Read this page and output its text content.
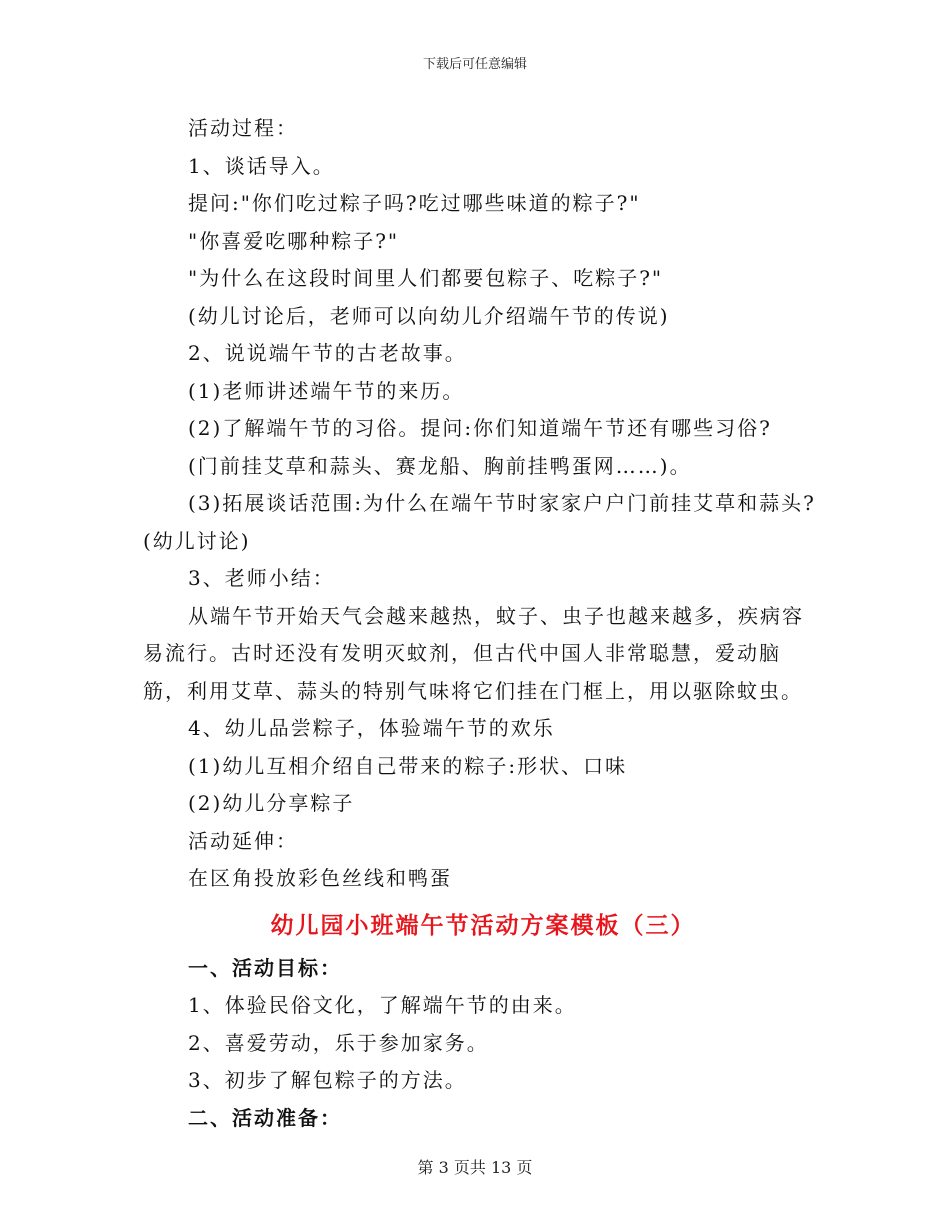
下载后可任意编辑
活动过程：
1、谈话导入。
提问:"你们吃过粽子吗?吃过哪些味道的粽子?"
"你喜爱吃哪种粽子?"
"为什么在这段时间里人们都要包粽子、吃粽子?"
(幼儿讨论后，老师可以向幼儿介绍端午节的传说)
2、说说端午节的古老故事。
(1)老师讲述端午节的来历。
(2)了解端午节的习俗。提问:你们知道端午节还有哪些习俗?
(门前挂艾草和蒜头、赛龙船、胸前挂鸭蛋网……)。
(3)拓展谈话范围:为什么在端午节时家家户户门前挂艾草和蒜头?(幼儿讨论)
3、老师小结：
从端午节开始天气会越来越热，蚊子、虫子也越来越多，疾病容易流行。古时还没有发明灭蚊剂，但古代中国人非常聪慧，爱动脑筋，利用艾草、蒜头的特别气味将它们挂在门框上，用以驱除蚊虫。
4、幼儿品尝粽子，体验端午节的欢乐
(1)幼儿互相介绍自己带来的粽子:形状、口味
(2)幼儿分享粽子
活动延伸：
在区角投放彩色丝线和鸭蛋
幼儿园小班端午节活动方案模板（三）
一、活动目标：
1、体验民俗文化，了解端午节的由来。
2、喜爱劳动，乐于参加家务。
3、初步了解包粽子的方法。
二、活动准备：
第 3 页共 13 页
